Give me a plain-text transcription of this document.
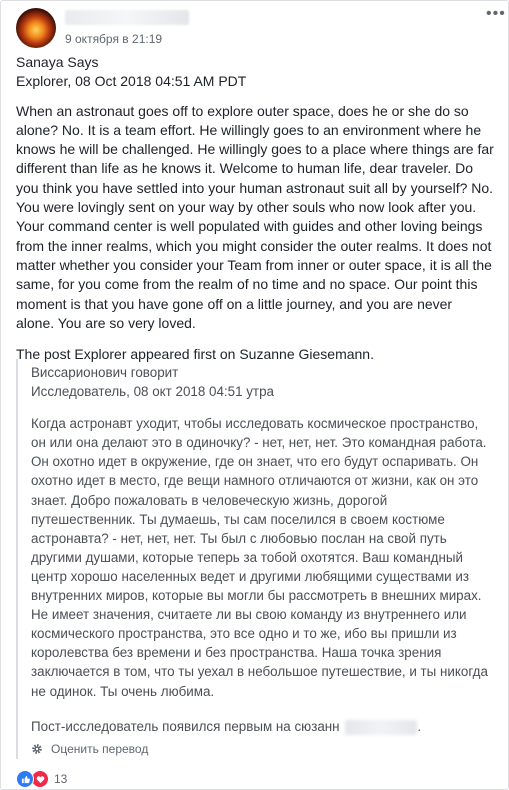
9 октября в 21:19
•••

Sanaya Says

Explorer, 08 Oct 2018 04:51 AM PDT

When an astronaut goes off to explore outer space, does he or she do so alone? No. It is a team effort. He willingly goes to an environment where he knows he will be challenged. He willingly goes to a place where things are far different than life as he knows it. Welcome to human life, dear traveler. Do you think you have settled into your human astronaut suit all by yourself? No. You were lovingly sent on your way by other souls who now look after you. Your command center is well populated with guides and other loving beings from the inner realms, which you might consider the outer realms. It does not matter whether you consider your Team from inner or outer space, it is all the same, for you come from the realm of no time and no space. Our point this moment is that you have gone off on a little journey, and you are never alone. You are so very loved.

The post Explorer appeared first on Suzanne Giesemann.

Виссарионович говорит

Исследователь, 08 окт 2018 04:51 утра

Когда астронавт уходит, чтобы исследовать космическое пространство, он или она делают это в одиночку? - нет, нет, нет. Это командная работа. Он охотно идет в окружение, где он знает, что его будут оспаривать. Он охотно идет в место, где вещи намного отличаются от жизни, как он это знает. Добро пожаловать в человеческую жизнь, дорогой путешественник. Ты думаешь, ты сам поселился в своем костюме астронавта? - нет, нет, нет. Ты был с любовью послан на свой путь другими душами, которые теперь за тобой охотятся. Ваш командный центр хорошо населенных ведет и другими любящими существами из внутренних миров, которые вы могли бы рассмотреть в внешних мирах. Не имеет значения, считаете ли вы свою команду из внутреннего или космического пространства, это все одно и то же, ибо вы пришли из королевства без времени и без пространства. Наша точка зрения заключается в том, что ты уехал в небольшое путешествие, и ты никогда не одинок. Ты очень любима.

Пост-исследователь появился первым на сюзанн	.
Оценить перевод
13
